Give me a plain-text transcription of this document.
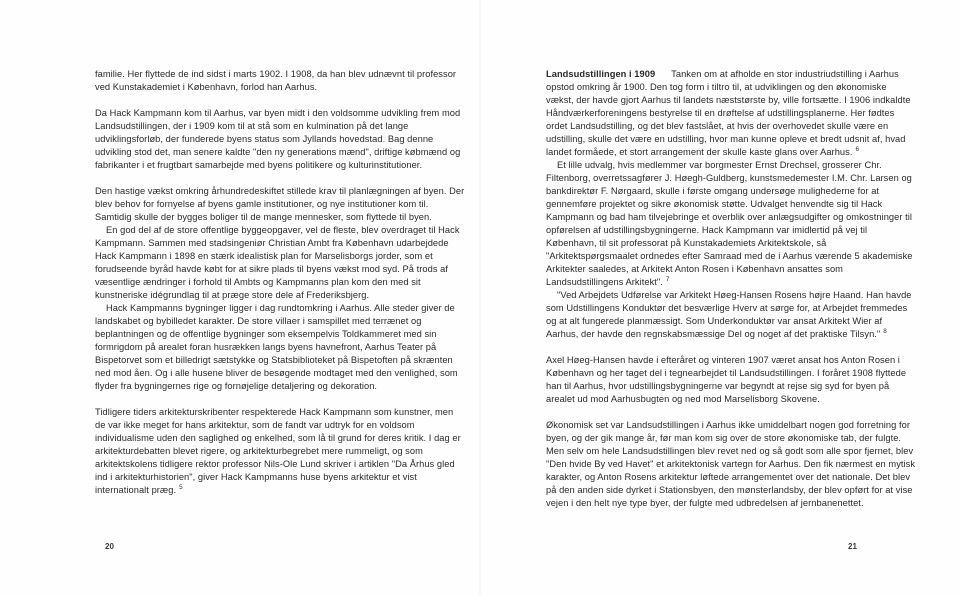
familie. Her flyttede de ind sidst i marts 1902. I 1908, da han blev udnævnt til professor ved Kunstakademiet i København, forlod han Aarhus.

Da Hack Kampmann kom til Aarhus, var byen midt i den voldsomme udvikling frem mod Landsudstillingen, der i 1909 kom til at stå som en kulmination på det lange udviklingsforløb, der funderede byens status som Jyllands hovedstad. Bag denne udvikling stod det, man senere kaldte "den ny generations mænd", driftige købmænd og fabrikanter i et frugtbart samarbejde med byens politikere og kulturinstitutioner.

Den hastige vækst omkring århundredeskiftet stillede krav til planlægningen af byen. Der blev behov for fornyelse af byens gamle institutioner, og nye institutioner kom til. Samtidig skulle der bygges boliger til de mange mennesker, som flyttede til byen.

En god del af de store offentlige byggeopgaver, vel de fleste, blev overdraget til Hack Kampmann. Sammen med stadsingeniør Christian Ambt fra København udarbejdede Hack Kampmann i 1898 en stærk idealistisk plan for Marselisborgs jorder, som et forudseende byråd havde købt for at sikre plads til byens vækst mod syd. På trods af væsentlige ændringer i forhold til Ambts og Kampmanns plan kom den med sit kunstneriske idégrundlag til at præge store dele af Frederiksbjerg.

Hack Kampmanns bygninger ligger i dag rundtomkring i Aarhus. Alle steder giver de landskabet og bybilledet karakter. De store villaer i samspillet med terrænet og beplantningen og de offentlige bygninger som eksempelvis Toldkammeret med sin formrigdom på arealet foran husrækken langs byens havnefront, Aarhus Teater på Bispetorvet som et billedrigt sætstykke og Statsbiblioteket på Bispetoften på skrænten ned mod åen. Og i alle husene bliver de besøgende modtaget med den venlighed, som flyder fra bygningernes rige og fornøjelige detaljering og dekoration.

Tidligere tiders arkitekturskribenter respekterede Hack Kampmann som kunstner, men de var ikke meget for hans arkitektur, som de fandt var udtryk for en voldsom individualisme uden den saglighed og enkelhed, som lå til grund for deres kritik. I dag er arkitekturdebatten blevet rigere, og arkitekturbegrebet mere rummeligt, og som arkitektskolens tidligere rektor professor Nils-Ole Lund skriver i artiklen "Da Århus gled ind i arkitekturhistorien", giver Hack Kampmanns huse byens arkitektur et vist internationalt præg. $^5$

Landsudstillingen i 1909 Tanken om at afholde en stor industriudstilling i Aarhus opstod omkring år 1900. Den tog form i tiltro til, at udviklingen og den økonomiske vækst, der havde gjort Aarhus til landets næststørste by, ville fortsætte. I 1906 indkaldte Håndværkerforeningens bestyrelse til en drøftelse af udstillingsplanerne. Her fødtes ordet Landsudstilling, og det blev fastslået, at hvis der overhovedet skulle være en udstilling, skulle det være en udstilling, hvor man kunne opleve et bredt udsnit af, hvad landet formåede, et stort arrangement der skulle kaste glans over Aarhus. $^6$

Et lille udvalg, hvis medlemmer var borgmester Ernst Drechsel, grosserer Chr. Filtenborg, overretssagfører J. Høegh-Guldberg, kunstsmedemester I.M. Chr. Larsen og bankdirektør F. Nørgaard, skulle i første omgang undersøge mulighederne for at gennemføre projektet og sikre økonomisk støtte. Udvalget henvendte sig til Hack Kampmann og bad ham tilvejebringe et overblik over anlægsudgifter og omkostninger til opførelsen af udstillingsbygningerne. Hack Kampmann var imidlertid på vej til København, til sit professorat på Kunstakademiets Arkitektskole, så "Arkitektspørgsmaalet ordnedes efter Samraad med de i Aarhus værende 5 akademiske Arkitekter saaledes, at Arkitekt Anton Rosen i København ansattes som Landsudstillingens Arkitekt". $^7$

"Ved Arbejdets Udførelse var Arkitekt Høeg-Hansen Rosens højre Haand. Han havde som Udstillingens Konduktør det besværlige Hverv at sørge for, at Arbejdet fremmedes og at alt fungerede planmæssigt. Som Underkonduktør var ansat Arkitekt Wier af Aarhus, der havde den regnskabsmæssige Del og noget af det praktiske Tilsyn." $^8$

Axel Høeg-Hansen havde i efteråret og vinteren 1907 været ansat hos Anton Rosen i København og her taget del i tegnearbejdet til Landsudstillingen. I foråret 1908 flyttede han til Aarhus, hvor udstillingsbygningerne var begyndt at rejse sig syd for byen på arealet ud mod Aarhusbugten og ned mod Marselisborg Skovene.

Økonomisk set var Landsudstillingen i Aarhus ikke umiddelbart nogen god forretning for byen, og der gik mange år, før man kom sig over de store økonomiske tab, der fulgte. Men selv om hele Landsudstillingen blev revet ned og så godt som alle spor fjernet, blev "Den hvide By ved Havet" et arkitektonisk vartegn for Aarhus. Den fik nærmest en mytisk karakter, og Anton Rosens arkitektur løftede arrangementet over det nationale. Det blev på den anden side dyrket i Stationsbyen, den mønsterlandsby, der blev opført for at vise vejen i den helt nye type byer, der fulgte med udbredelsen af jernbanenettet.

20	21
